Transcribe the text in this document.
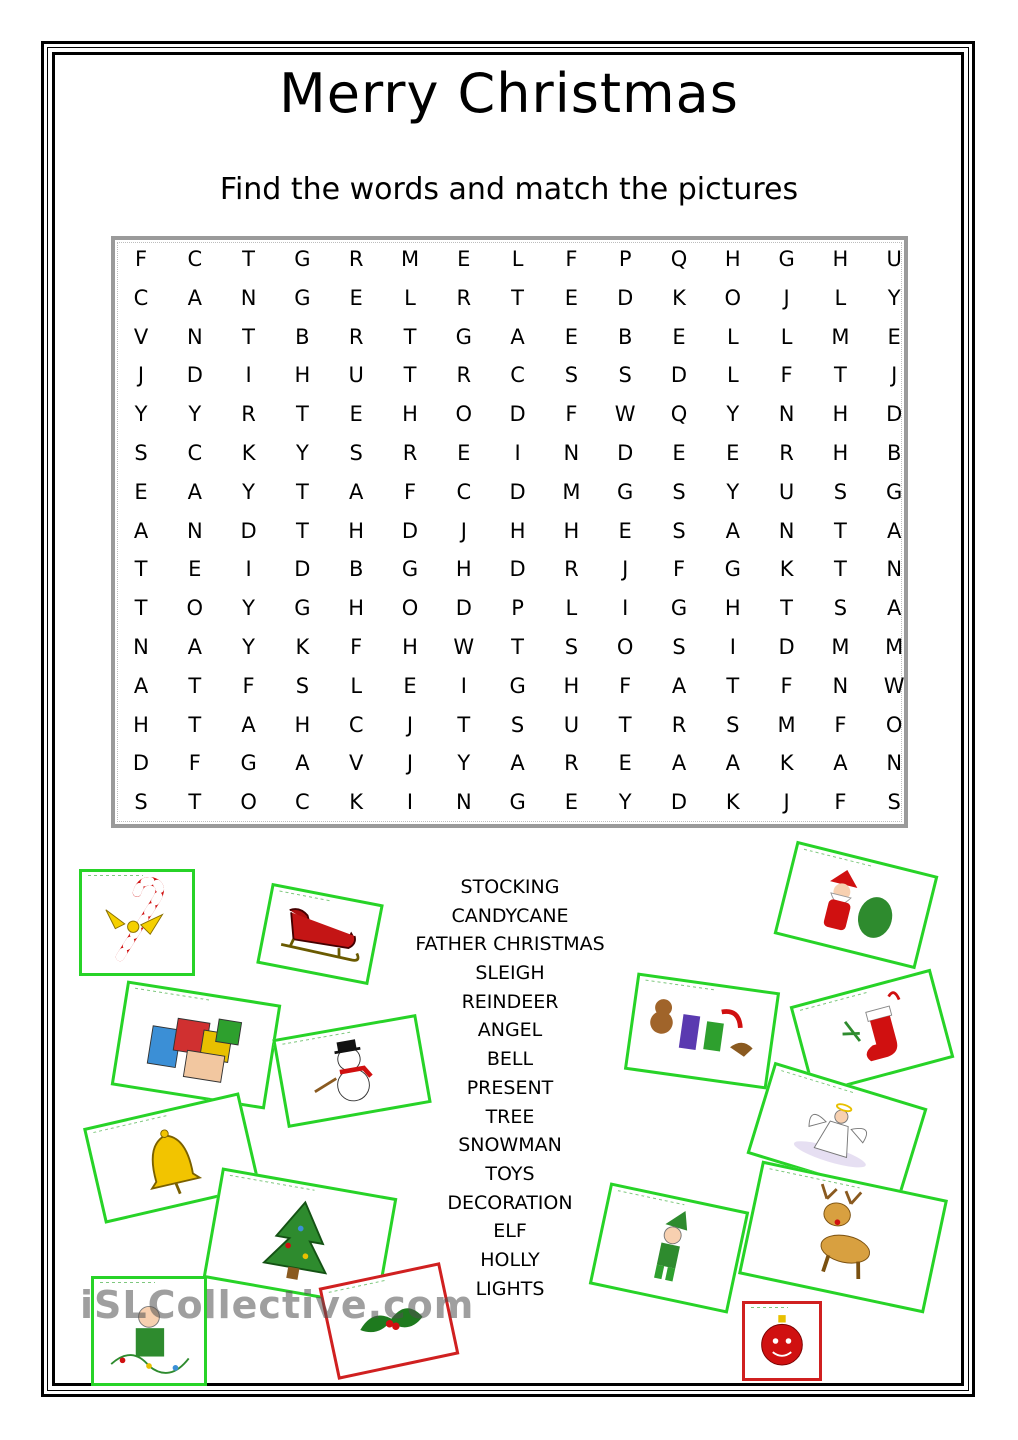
Merry Christmas
Find the words and match the pictures
F	C	T	G	R	M	E	L	F	P	Q	H	G	H	U
C	A	N	G	E	L	R	T	E	D	K	O	J	L	Y
V	N	T	B	R	T	G	A	E	B	E	L	L	M	E
J	D	I	H	U	T	R	C	S	S	D	L	F	T	J
Y	Y	R	T	E	H	O	D	F	W	Q	Y	N	H	D
S	C	K	Y	S	R	E	I	N	D	E	E	R	H	B
E	A	Y	T	A	F	C	D	M	G	S	Y	U	S	G
A	N	D	T	H	D	J	H	H	E	S	A	N	T	A
T	E	I	D	B	G	H	D	R	J	F	G	K	T	N
T	O	Y	G	H	O	D	P	L	I	G	H	T	S	A
N	A	Y	K	F	H	W	T	S	O	S	I	D	M	M
A	T	F	S	L	E	I	G	H	F	A	T	F	N	W
H	T	A	H	C	J	T	S	U	T	R	S	M	F	O
D	F	G	A	V	J	Y	A	R	E	A	A	K	A	N
S	T	O	C	K	I	N	G	E	Y	D	K	J	F	S
STOCKING
CANDYCANE
FATHER CHRISTMAS
SLEIGH
REINDEER
ANGEL
BELL
PRESENT
TREE
SNOWMAN
TOYS
DECORATION
ELF
HOLLY
LIGHTS
iSLCollective.com
